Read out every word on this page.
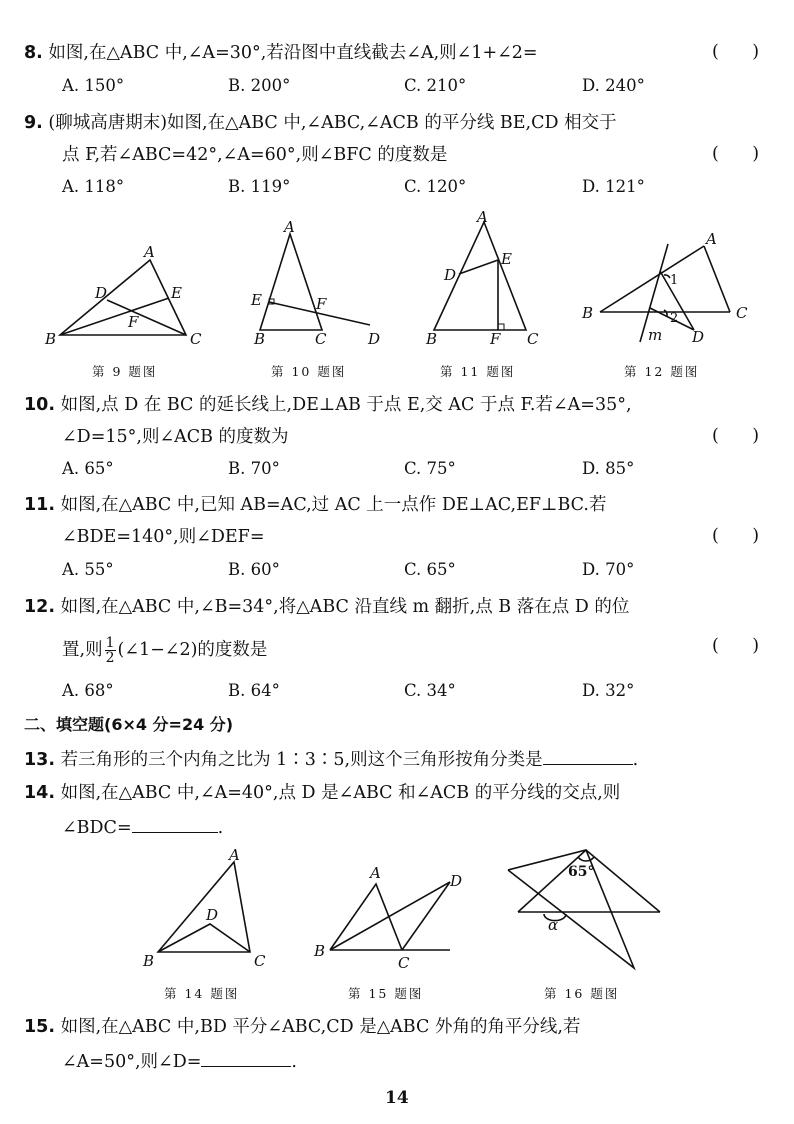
8. 如图,在△ABC 中,∠A=30°,若沿图中直线截去∠A,则∠1+∠2=	(      )
A. 150°	B. 200°	C. 210°	D. 240°
9. (聊城高唐期末)如图,在△ABC 中,∠ABC,∠ACB 的平分线 BE,CD 相交于
点 F,若∠ABC=42°,∠A=60°,则∠BFC 的度数是	(      )
A. 118°	B. 119°	C. 120°	D. 121°
A
B	C
D	E
F
A
B	C	D
E	F
A
B	C
D
E
F
A
B	C
D
1
2
m
第 9 题图	第 10 题图	第 11 题图	第 12 题图
10. 如图,点 D 在 BC 的延长线上,DE⊥AB 于点 E,交 AC 于点 F.若∠A=35°,
∠D=15°,则∠ACB 的度数为	(      )
A. 65°	B. 70°	C. 75°	D. 85°
11. 如图,在△ABC 中,已知 AB=AC,过 AC 上一点作 DE⊥AC,EF⊥BC.若
∠BDE=140°,则∠DEF=	(      )
A. 55°	B. 60°	C. 65°	D. 70°
12. 如图,在△ABC 中,∠B=34°,将△ABC 沿直线 m 翻折,点 B 落在点 D 的位
置,则 $\frac{1}{2}$ (∠1−∠2)的度数是	(      )
A. 68°	B. 64°	C. 34°	D. 32°
二、填空题(6×4 分=24 分)
13. 若三角形的三个内角之比为 1∶3∶5,则这个三角形按角分类是	.
14. 如图,在△ABC 中,∠A=40°,点 D 是∠ABC 和∠ACB 的平分线的交点,则
∠BDC=	.
A
B	C
D
A
B
C
D	65°
α
第 14 题图	第 15 题图	第 16 题图
15. 如图,在△ABC 中,BD 平分∠ABC,CD 是△ABC 外角的角平分线,若
∠A=50°,则∠D=	.
14
